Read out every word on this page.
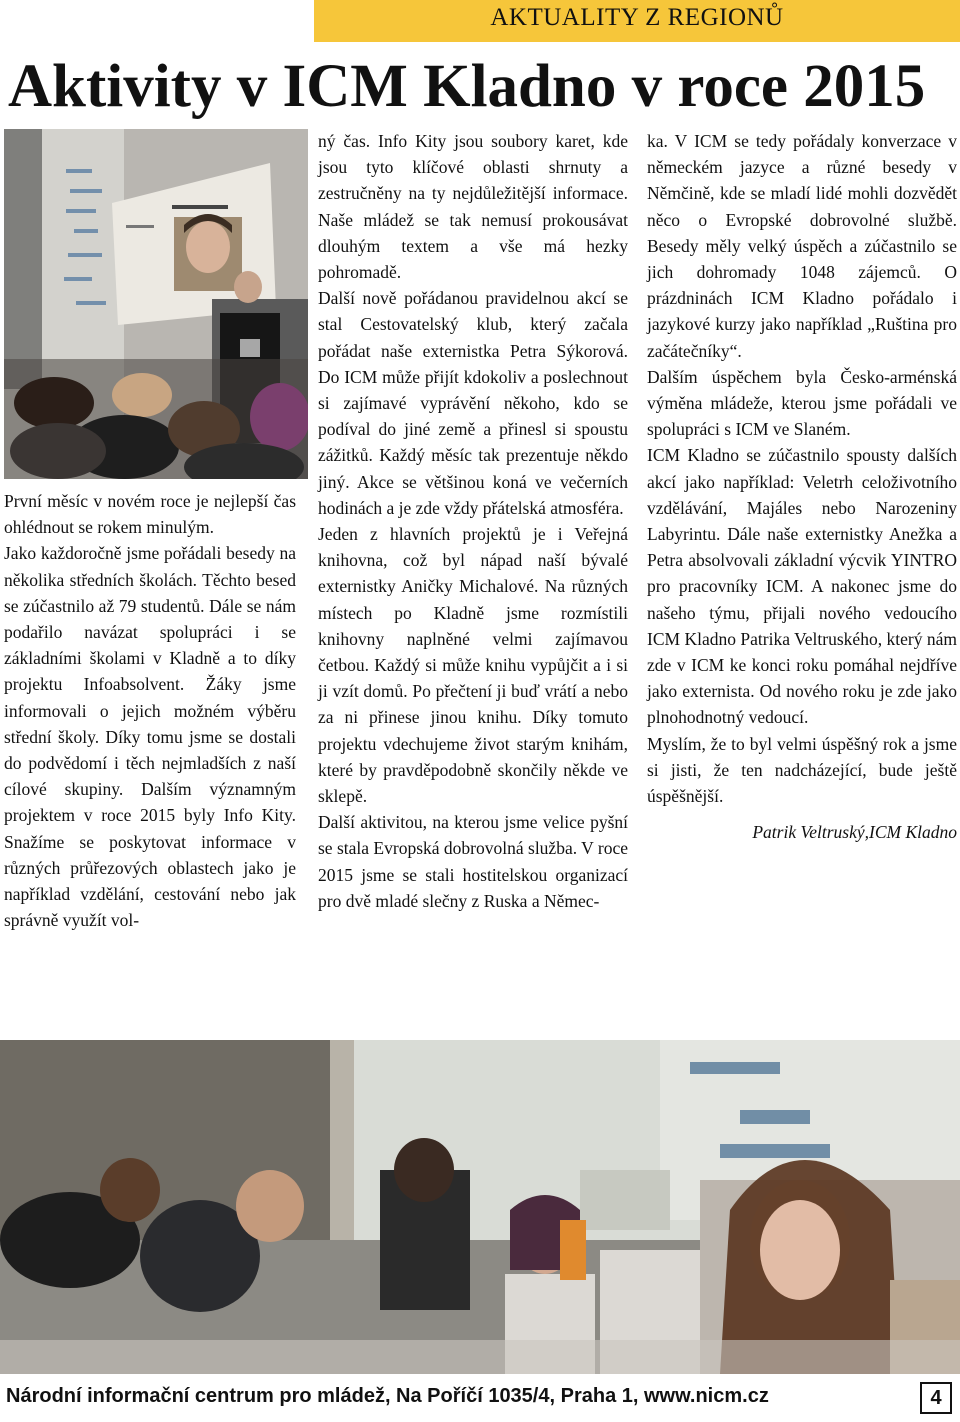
AKTUALITY Z REGIONŮ
Aktivity v ICM Kladno v roce 2015

První měsíc v novém roce je nejlepší čas ohlédnout se rokem minulým.

Jako každoročně jsme pořádali besedy na několika středních školách. Těchto besed se zúčastnilo až 79 studentů. Dále se nám podařilo navázat spolupráci i se základními školami v Kladně a to díky projektu Infoabsolvent. Žáky jsme informovali o jejich možném výběru střední školy. Díky tomu jsme se dostali do podvědomí i těch nejmladších z naší cílové skupiny. Dalším významným projektem v roce 2015 byly Info Kity. Snažíme se poskytovat informace v různých průřezových oblastech jako je například vzdělání, cestování nebo jak správně využít vol-

ný čas. Info Kity jsou soubory karet, kde jsou tyto klíčové oblasti shrnuty a zestručněny na ty nejdůležitější informace. Naše mládež se tak nemusí prokousávat dlouhým textem a vše má hezky pohromadě.

Další nově pořádanou pravidelnou akcí se stal Cestovatelský klub, který začala pořádat naše externistka Petra Sýkorová. Do ICM může přijít kdokoliv a poslechnout si zajímavé vyprávění někoho, kdo se podíval do jiné země a přinesl si spoustu zážitků. Každý měsíc tak prezentuje někdo jiný. Akce se většinou koná ve večerních hodinách a je zde vždy přátelská atmosféra.

Jeden z hlavních projektů je i Veřejná knihovna, což byl nápad naší bývalé externistky Aničky Michalové. Na různých místech po Kladně jsme rozmístili knihovny naplněné velmi zajímavou četbou. Každý si může knihu vypůjčit a i si ji vzít domů. Po přečtení ji buď vrátí a nebo za ni přinese jinou knihu. Díky tomuto projektu vdechujeme život starým knihám, které by pravděpodobně skončily někde ve sklepě.

Další aktivitou, na kterou jsme velice pyšní se stala Evropská dobrovolná služba. V roce 2015 jsme se stali hostitelskou organizací pro dvě mladé slečny z Ruska a Němec-

ka. V ICM se tedy pořádaly konverzace v německém jazyce a různé besedy v Němčině, kde se mladí lidé mohli dozvědět něco o Evropské dobrovolné službě. Besedy měly velký úspěch a zúčastnilo se jich dohromady 1048 zájemců. O prázdninách ICM Kladno pořádalo i jazykové kurzy jako například „Ruština pro začátečníky“.

Dalším úspěchem byla Česko-arménská výměna mládeže, kterou jsme pořádali ve spolupráci s ICM ve Slaném.

ICM Kladno se zúčastnilo spousty dalších akcí jako například: Veletrh celoživotního vzdělávání, Majáles nebo Narozeniny Labyrintu. Dále naše externistky Anežka a Petra absolvovali základní výcvik YINTRO pro pracovníky ICM. A nakonec jsme do našeho týmu, přijali nového vedoucího ICM Kladno Patrika Veltruského, který nám zde v ICM ke konci roku pomáhal nejdříve jako externista. Od nového roku je zde jako plnohodnotný vedoucí.

Myslím, že to byl velmi úspěšný rok a jsme si jisti, že ten nadcházející, bude ještě úspěšnější.

Patrik Veltruský,ICM Kladno

Národní informační centrum pro mládež, Na Poříčí 1035/4, Praha 1, www.nicm.cz	4
